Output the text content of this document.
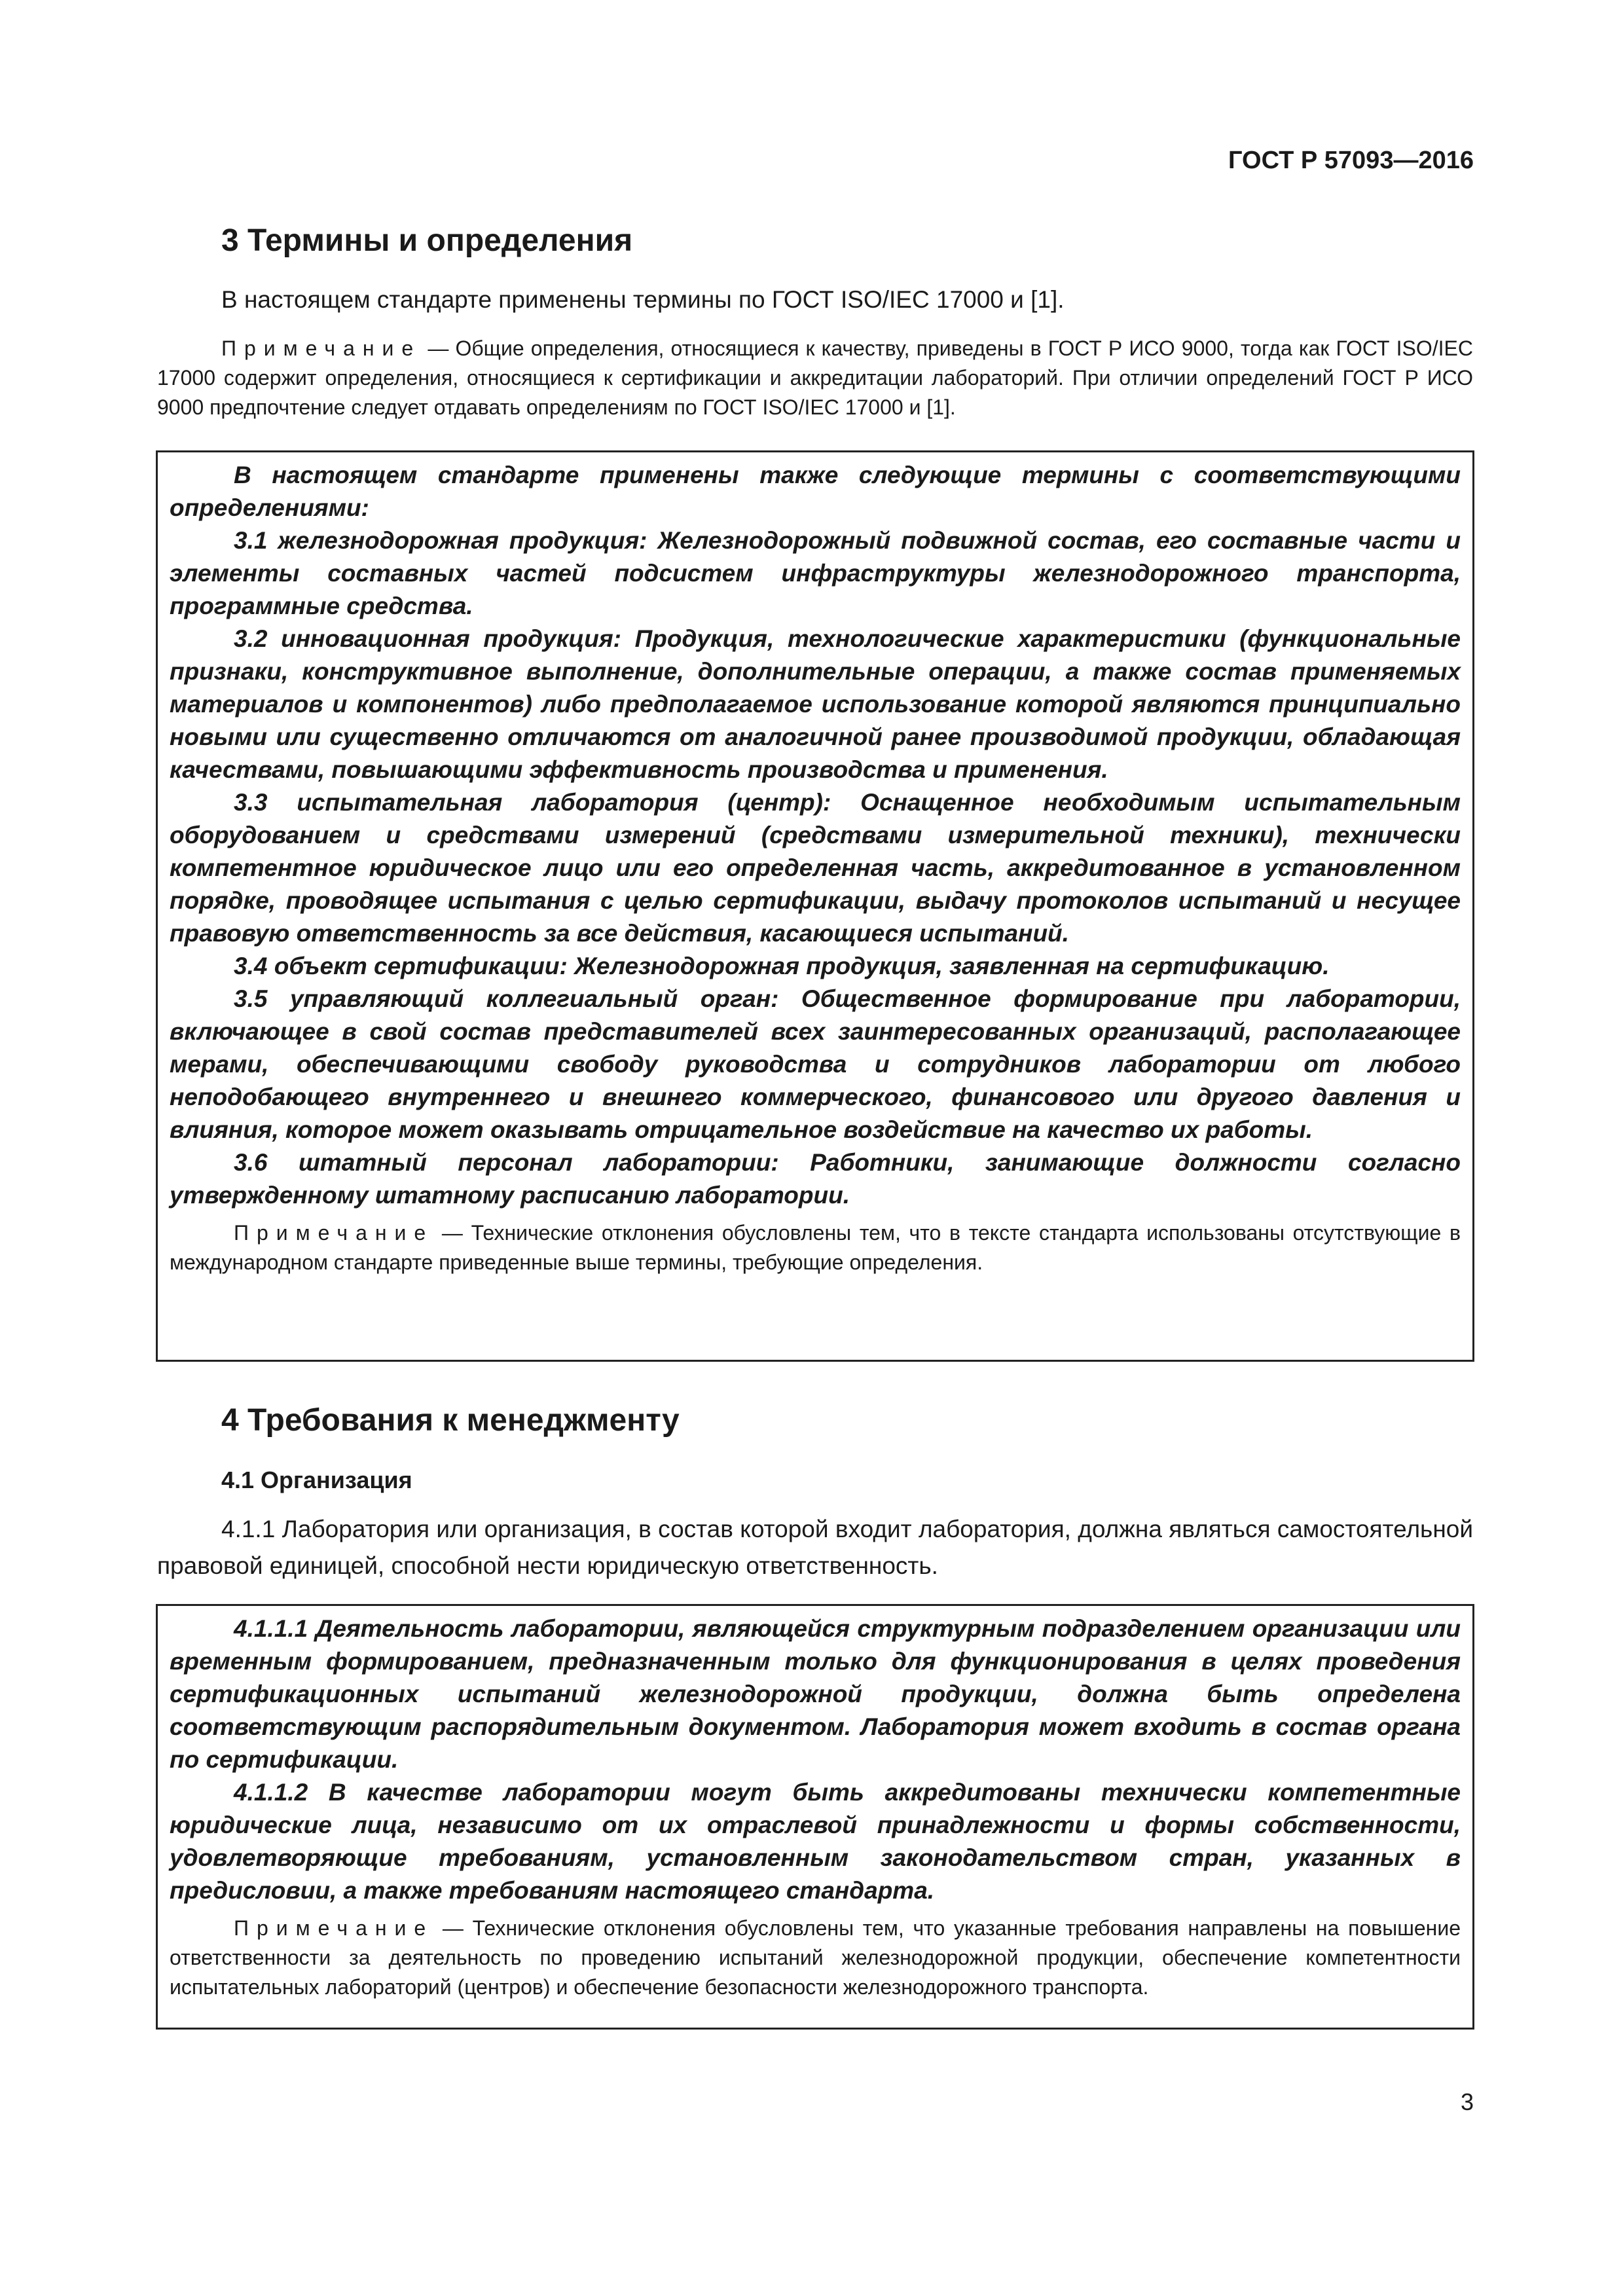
ГОСТ Р 57093—2016
3 Термины и определения
В настоящем стандарте применены термины по ГОСТ ISO/IEC 17000 и [1].
Примечание — Общие определения, относящиеся к качеству, приведены в ГОСТ Р ИСО 9000, тогда как ГОСТ ISO/IEC 17000 содержит определения, относящиеся к сертификации и аккредитации лабораторий. При отличии определений ГОСТ Р ИСО 9000 предпочтение следует отдавать определениям по ГОСТ ISO/IEC 17000 и [1].

В настоящем стандарте применены также следующие термины с соответствующими определениями:

3.1 железнодорожная продукция: Железнодорожный подвижной состав, его составные части и элементы составных частей подсистем инфраструктуры железнодорожного транспорта, программные средства.

3.2 инновационная продукция: Продукция, технологические характеристики (функциональные признаки, конструктивное выполнение, дополнительные операции, а также состав применяемых материалов и компонентов) либо предполагаемое использование которой являются принципиально новыми или существенно отличаются от аналогичной ранее производимой продукции, обладающая качествами, повышающими эффективность производства и применения.

3.3 испытательная лаборатория (центр): Оснащенное необходимым испытательным оборудованием и средствами измерений (средствами измерительной техники), технически компетентное юридическое лицо или его определенная часть, аккредитованное в установленном порядке, проводящее испытания с целью сертификации, выдачу протоколов испытаний и несущее правовую ответственность за все действия, касающиеся испытаний.

3.4 объект сертификации: Железнодорожная продукция, заявленная на сертификацию.

3.5 управляющий коллегиальный орган: Общественное формирование при лаборатории, включающее в свой состав представителей всех заинтересованных организаций, располагающее мерами, обеспечивающими свободу руководства и сотрудников лаборатории от любого неподобающего внутреннего и внешнего коммерческого, финансового или другого давления и влияния, которое может оказывать отрицательное воздействие на качество их работы.

3.6 штатный персонал лаборатории: Работники, занимающие должности согласно утвержденному штатному расписанию лаборатории.

Примечание — Технические отклонения обусловлены тем, что в тексте стандарта использованы отсутствующие в международном стандарте приведенные выше термины, требующие определения.

4 Требования к менеджменту
4.1 Организация
4.1.1 Лаборатория или организация, в состав которой входит лаборатория, должна являться самостоятельной правовой единицей, способной нести юридическую ответственность.

4.1.1.1 Деятельность лаборатории, являющейся структурным подразделением организации или временным формированием, предназначенным только для функционирования в целях проведения сертификационных испытаний железнодорожной продукции, должна быть определена соответствующим распорядительным документом. Лаборатория может входить в состав органа по сертификации.

4.1.1.2 В качестве лаборатории могут быть аккредитованы технически компетентные юридические лица, независимо от их отраслевой принадлежности и формы собственности, удовлетворяющие требованиям, установленным законодательством стран, указанных в предисловии, а также требованиям настоящего стандарта.

Примечание — Технические отклонения обусловлены тем, что указанные требования направлены на повышение ответственности за деятельность по проведению испытаний железнодорожной продукции, обеспечение компетентности испытательных лабораторий (центров) и обеспечение безопасности железнодорожного транспорта.

3
